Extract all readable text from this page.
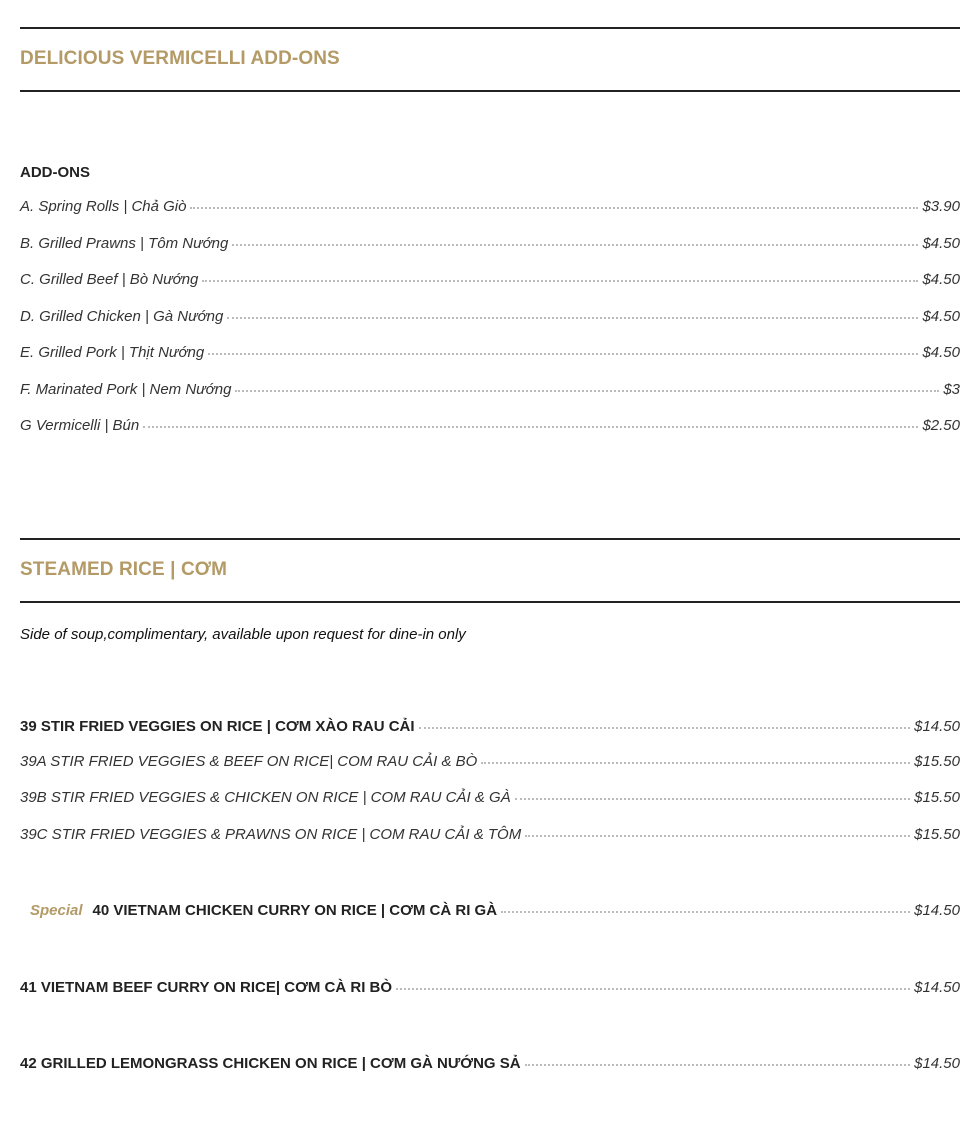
DELICIOUS VERMICELLI ADD-ONS
ADD-ONS
A. Spring Rolls | Chả Giò	$3.90
B. Grilled Prawns | Tôm Nướng	$4.50
C. Grilled Beef | Bò Nướng	$4.50
D. Grilled Chicken | Gà Nướng	$4.50
E. Grilled Pork | Thịt Nướng	$4.50
F. Marinated Pork | Nem Nướng	$3
G Vermicelli | Bún	$2.50
STEAMED RICE | CƠM
Side of soup,complimentary, available upon request for dine-in only
39 STIR FRIED VEGGIES ON RICE | CƠM XÀO RAU CẢI	$14.50
39A STIR FRIED VEGGIES & BEEF ON RICE| COM RAU CẢI & BÒ	$15.50
39B STIR FRIED VEGGIES & CHICKEN ON RICE | COM RAU CẢI & GÀ	$15.50
39C STIR FRIED VEGGIES & PRAWNS ON RICE | COM RAU CẢI & TÔM	$15.50
Special 40 VIETNAM CHICKEN CURRY ON RICE | CƠM CÀ RI GÀ	$14.50
41 VIETNAM BEEF CURRY ON RICE| CƠM CÀ RI BÒ	$14.50
42 GRILLED LEMONGRASS CHICKEN ON RICE | CƠM GÀ NƯỚNG SẢ	$14.50
